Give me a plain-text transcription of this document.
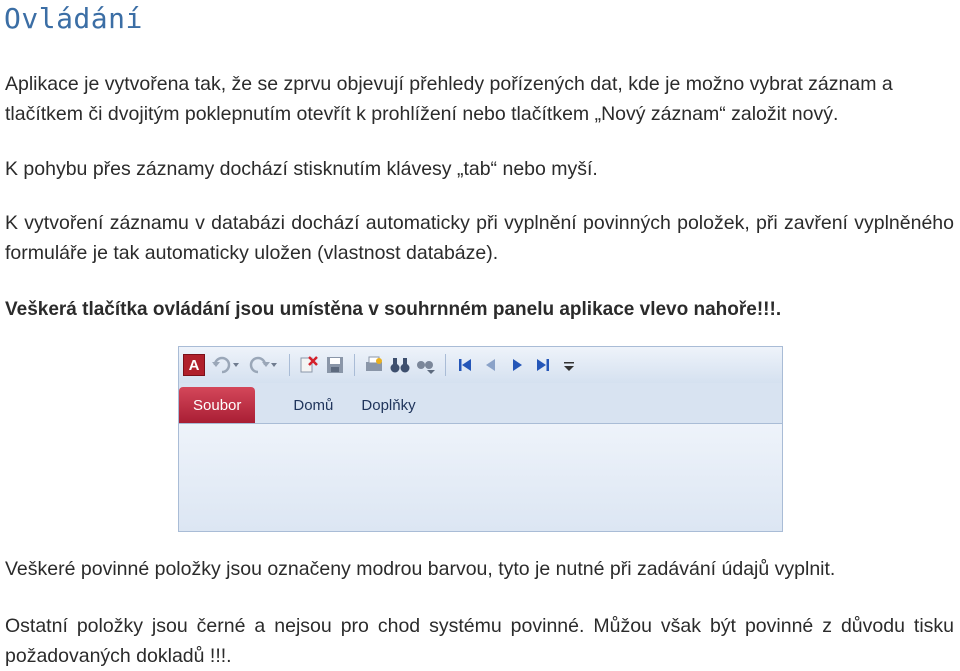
Ovládání

Aplikace je vytvořena tak, že se zprvu objevují přehledy pořízených dat, kde je možno vybrat záznam a tlačítkem či dvojitým poklepnutím otevřít k prohlížení nebo tlačítkem „Nový záznam“ založit nový.

K pohybu přes záznamy dochází stisknutím klávesy „tab“ nebo myší.

K vytvoření záznamu v databázi dochází automaticky při vyplnění povinných položek, při zavření vyplněného formuláře je tak automaticky uložen (vlastnost databáze).

Veškerá tlačítka ovládání jsou umístěna v souhrnném panelu aplikace vlevo nahoře!!!.

A
Soubor	Domů	Doplňky

Veškeré povinné položky jsou označeny modrou barvou, tyto je nutné při zadávání údajů vyplnit.

Ostatní položky jsou černé a nejsou pro chod systému povinné. Můžou však být povinné z důvodu tisku požadovaných dokladů !!!.
